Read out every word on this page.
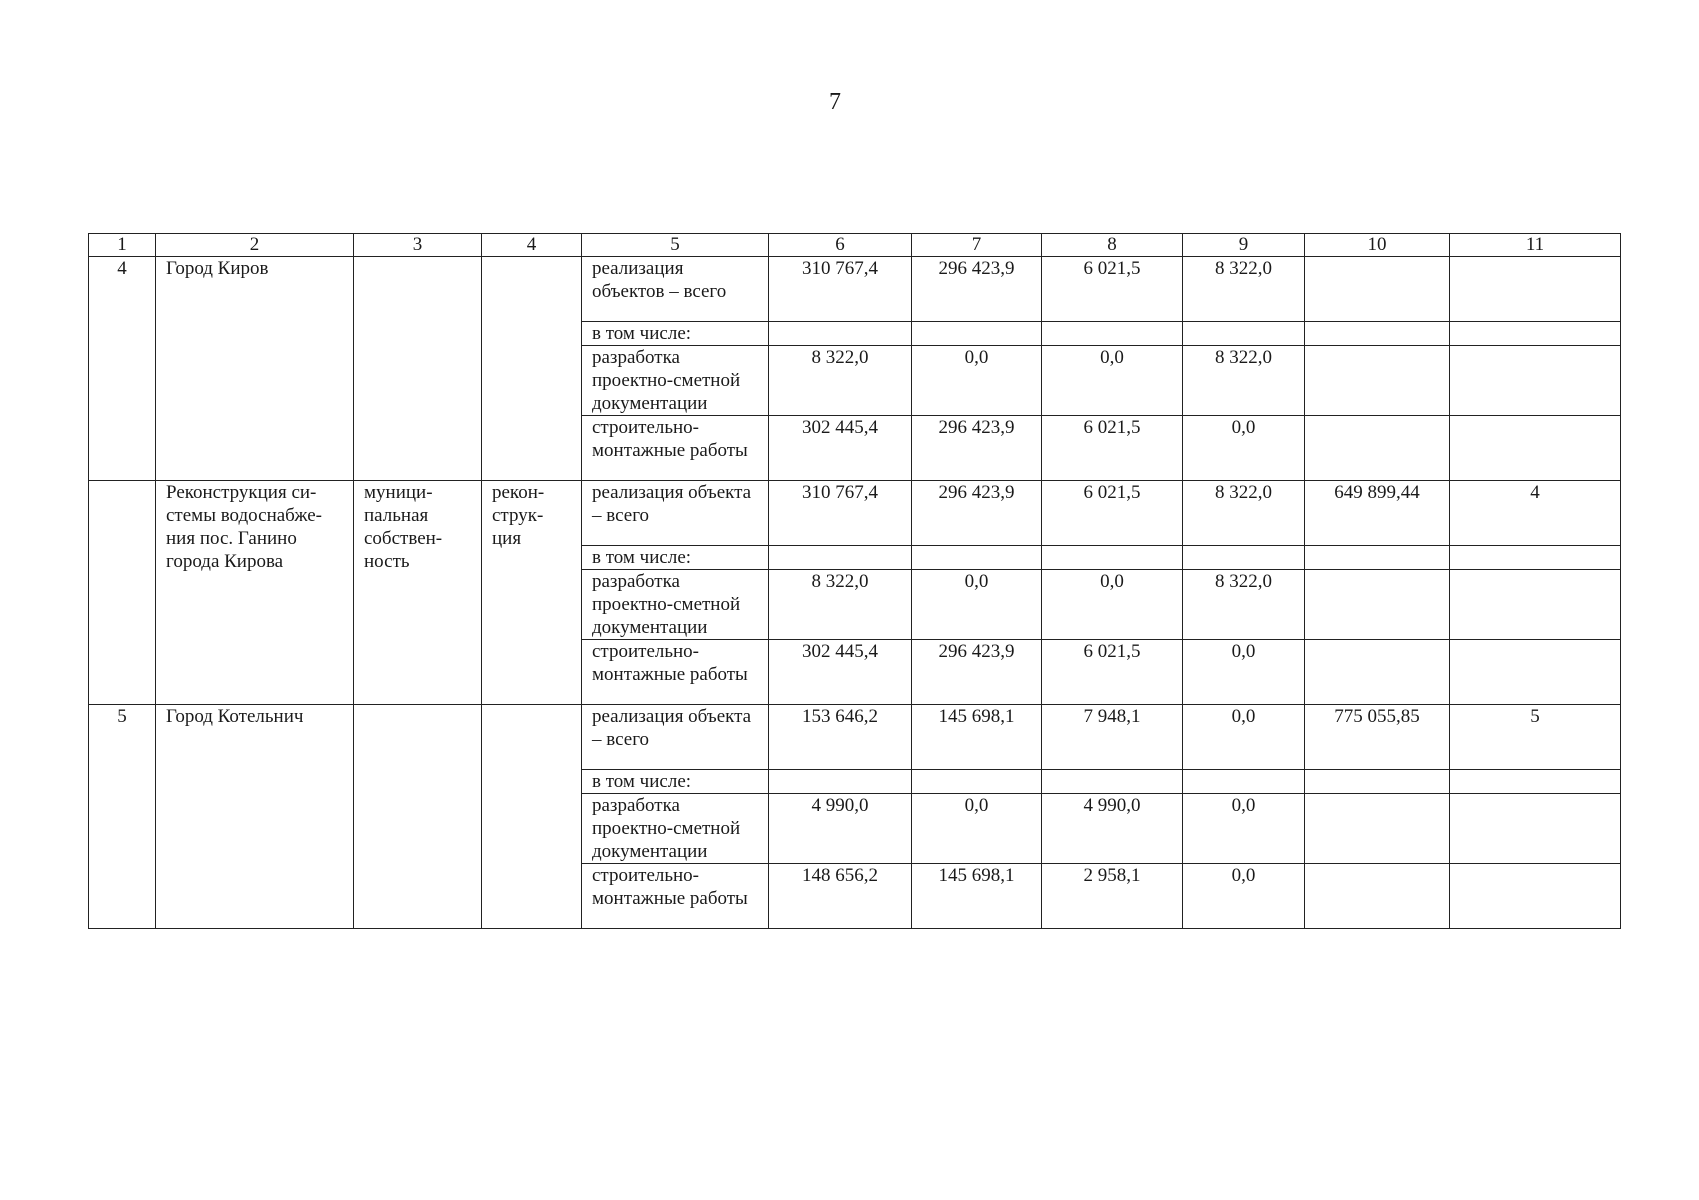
7
1	2	3	4	5	6	7	8	9	10	11
4	Город Киров			реализация объектов – всего	310 767,4	296 423,9	6 021,5	8 322,0		
				в том числе:						
				разработка проектно-сметной документации	8 322,0	0,0	0,0	8 322,0		
				строительно-монтажные работы	302 445,4	296 423,9	6 021,5	0,0		
	Реконструкция си-стемы водоснабже-ния пос. Ганино города Кирова	муници-пальная собствен-ность	рекон-струк-ция	реализация объекта – всего	310 767,4	296 423,9	6 021,5	8 322,0	649 899,44	4
				в том числе:						
				разработка проектно-сметной документации	8 322,0	0,0	0,0	8 322,0		
				строительно-монтажные работы	302 445,4	296 423,9	6 021,5	0,0		
5	Город Котельнич			реализация объекта – всего	153 646,2	145 698,1	7 948,1	0,0	775 055,85	5
				в том числе:						
				разработка проектно-сметной документации	4 990,0	0,0	4 990,0	0,0		
				строительно-монтажные работы	148 656,2	145 698,1	2 958,1	0,0		
